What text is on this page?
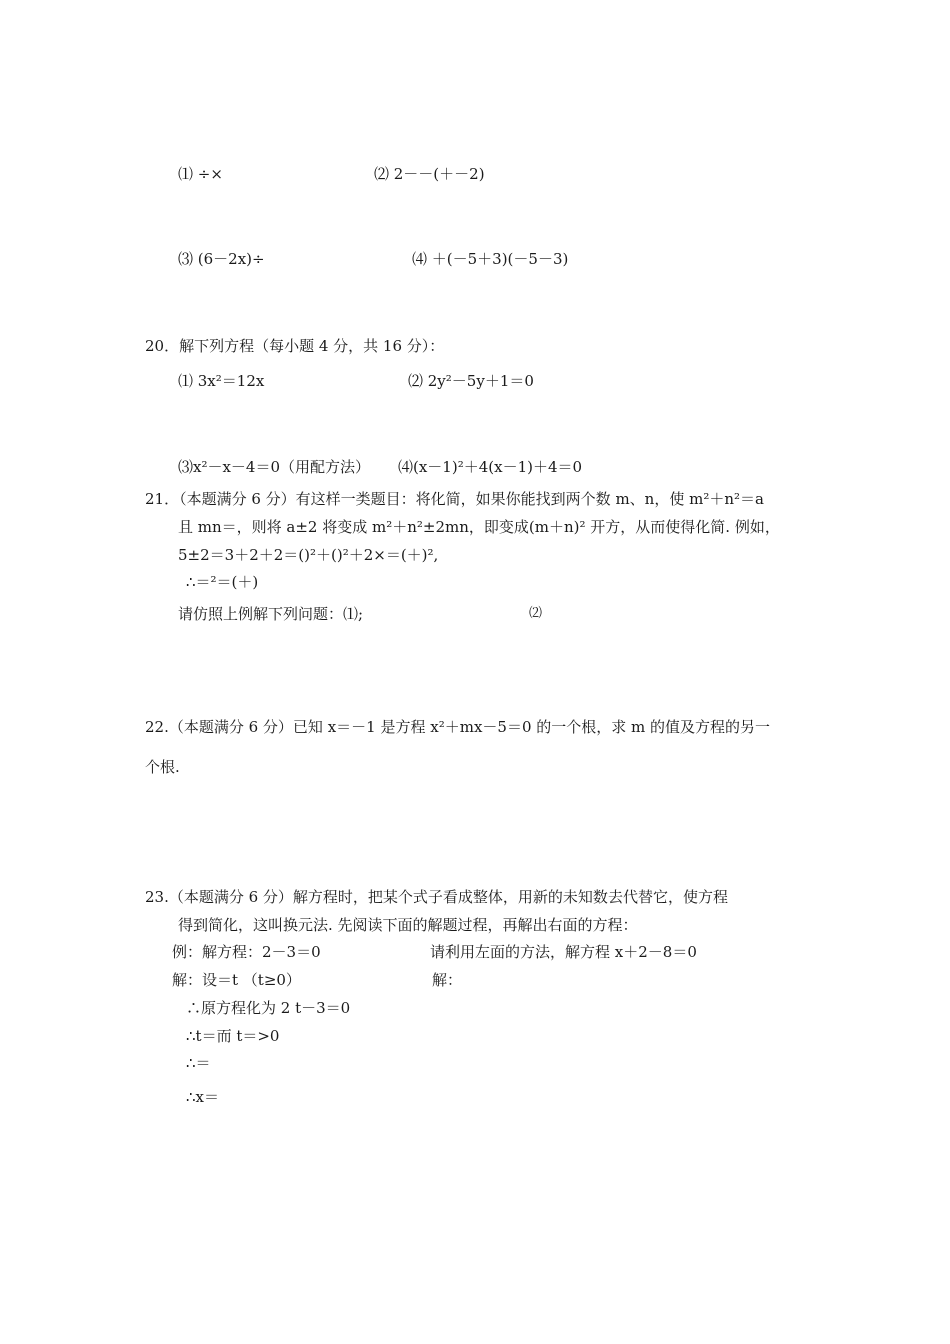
⑴ ÷×	⑵ 2－－(＋－2)
⑶ (6－2x)÷	⑷ ＋(－5＋3)(－5－3)
20．解下列方程（每小题 4 分，共 16 分）：
⑴ 3x²＝12x	⑵ 2y²－5y＋1＝0
⑶x²－x－4＝0（用配方法） ⑷(x－1)²＋4(x－1)＋4＝0
21．（本题满分 6 分）有这样一类题目：将化简，如果你能找到两个数 m、n，使 m²＋n²＝a
且 mn＝，则将 a±2 将变成 m²＋n²±2mn，即变成(m＋n)² 开方，从而使得化简. 例如，
5±2＝3＋2＋2＝()²＋()²＋2×＝(＋)²,
∴＝²＝(＋)
请仿照上例解下列问题：⑴;	⑵
22.（本题满分 6 分）已知 x＝－1 是方程 x²＋mx－5＝0 的一个根，求 m 的值及方程的另一
个根.
23.（本题满分 6 分）解方程时，把某个式子看成整体，用新的未知数去代替它，使方程
得到简化，这叫换元法. 先阅读下面的解题过程，再解出右面的方程：
例：解方程：2－3＝0
解：设＝t （t≥0）
∴原方程化为 2 t－3＝0
∴t＝而 t＝>0
∴＝
∴x＝
请利用左面的方法，解方程 x＋2－8＝0
解：
